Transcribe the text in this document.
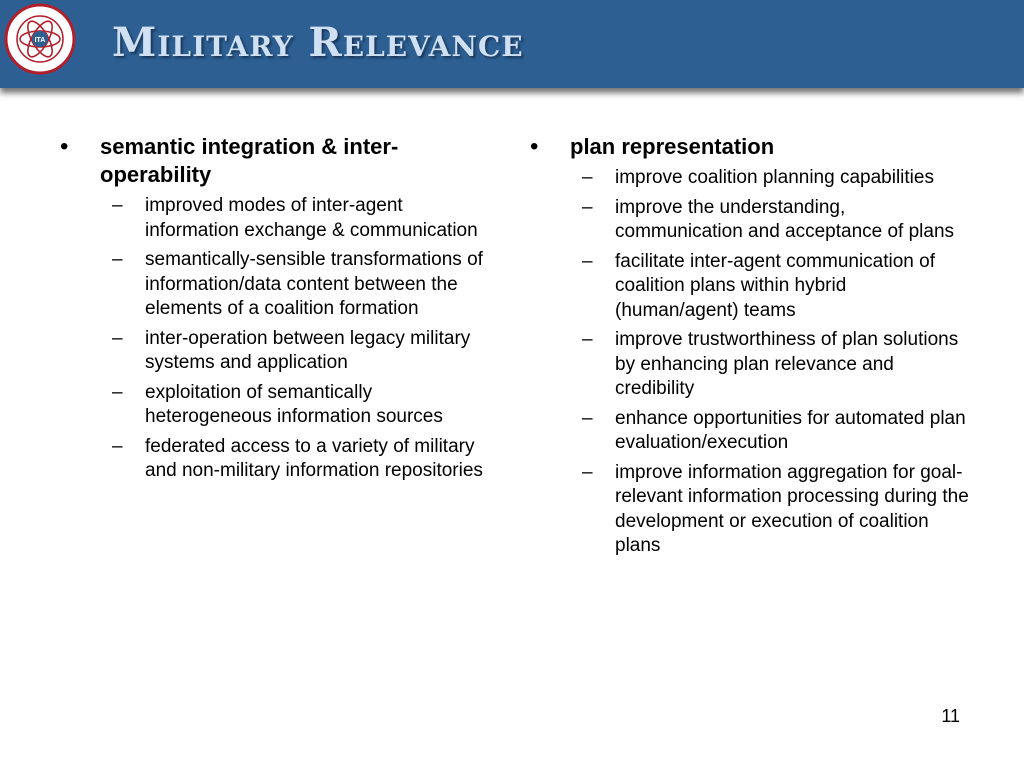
ITA Military Relevance
•	semantic integration & inter-operability
–	improved modes of inter-agent information exchange & communication
–	semantically-sensible transformations of information/data content between the elements of a coalition formation
–	inter-operation between legacy military systems and application
–	exploitation of semantically heterogeneous information sources
–	federated access to a variety of military and non-military information repositories
•	plan representation
–	improve coalition planning capabilities
–	improve the understanding, communication and acceptance of plans
–	facilitate inter-agent communication of coalition plans within hybrid (human/agent) teams
–	improve trustworthiness of plan solutions by enhancing plan relevance and credibility
–	enhance opportunities for automated plan evaluation/execution
–	improve information aggregation for goal-relevant information processing during the development or execution of coalition plans
11
